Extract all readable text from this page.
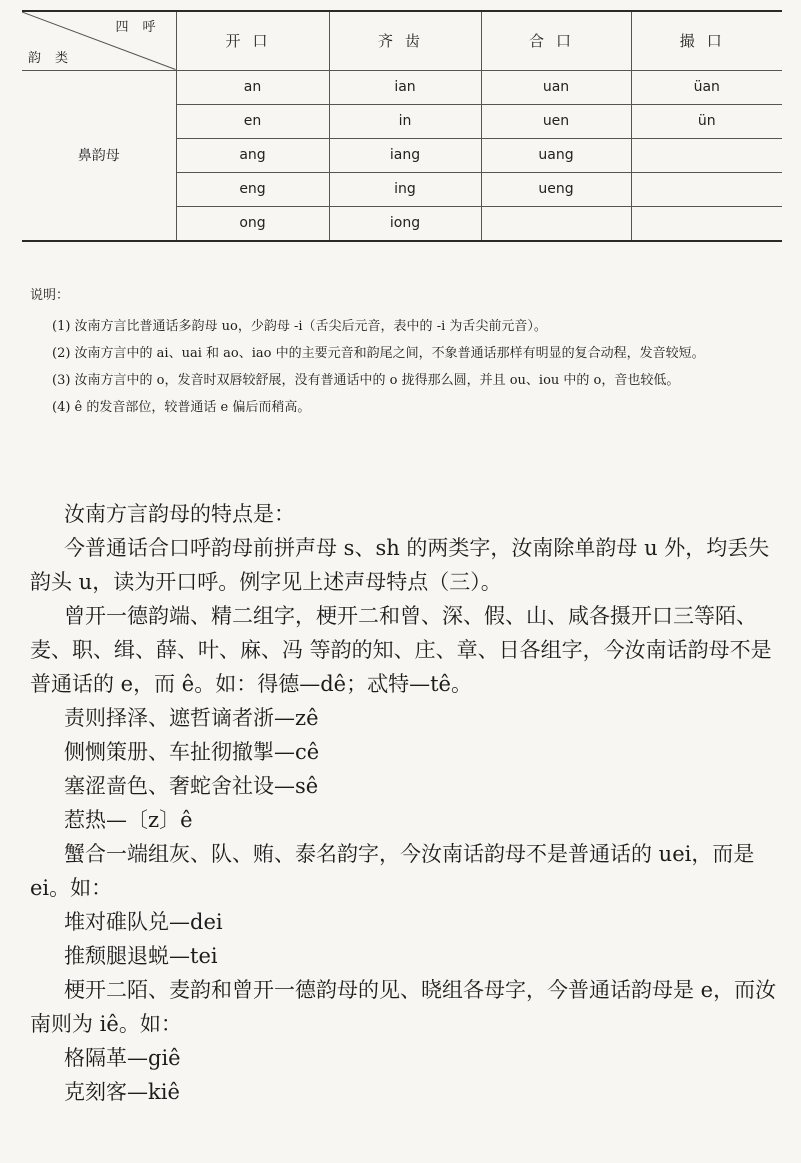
四呼
韵类	开口	齐齿	合口	撮口
鼻韵母	an	ian	uan	üan
	en	in	uen	ün
	ang	iang	uang	
	eng	ing	ueng	
	ong	iong		

说明：

(1) 汝南方言比普通话多韵母 uo，少韵母 -i（舌尖后元音，表中的 -i 为舌尖前元音）。

(2) 汝南方言中的 ai、uai 和 ao、iao 中的主要元音和韵尾之间，不象普通话那样有明显的复合动程，发音较短。

(3) 汝南方言中的 o，发音时双唇较舒展，没有普通话中的 o 拢得那么圆，并且 ou、iou 中的 o，音也较低。

(4) ê 的发音部位，较普通话 e 偏后而稍高。

汝南方言韵母的特点是：

今普通话合口呼韵母前拼声母 s、sh 的两类字，汝南除单韵母 u 外，均丢失韵头 u，读为开口呼。例字见上述声母特点（三）。

曾开一德韵端、精二组字，梗开二和曾、深、假、山、咸各摄开口三等陌、麦、职、缉、薛、叶、麻、冯 等韵的知、庄、章、日各组字，今汝南话韵母不是普通话的 e，而 ê。如：得德—dê；忒特—tê。

责则择泽、遮哲谪者浙—zê

侧恻策册、车扯彻撤掣—cê

塞涩啬色、奢蛇舍社设—sê

惹热—〔z〕ê

蟹合一端组灰、队、贿、泰名韵字，今汝南话韵母不是普通话的 uei，而是 ei。如：

堆对碓队兑—dei

推颓腿退蜕—tei

梗开二陌、麦韵和曾开一德韵母的见、晓组各母字，今普通话韵母是 e，而汝南则为 iê。如：

格隔革—giê

克刻客—kiê
